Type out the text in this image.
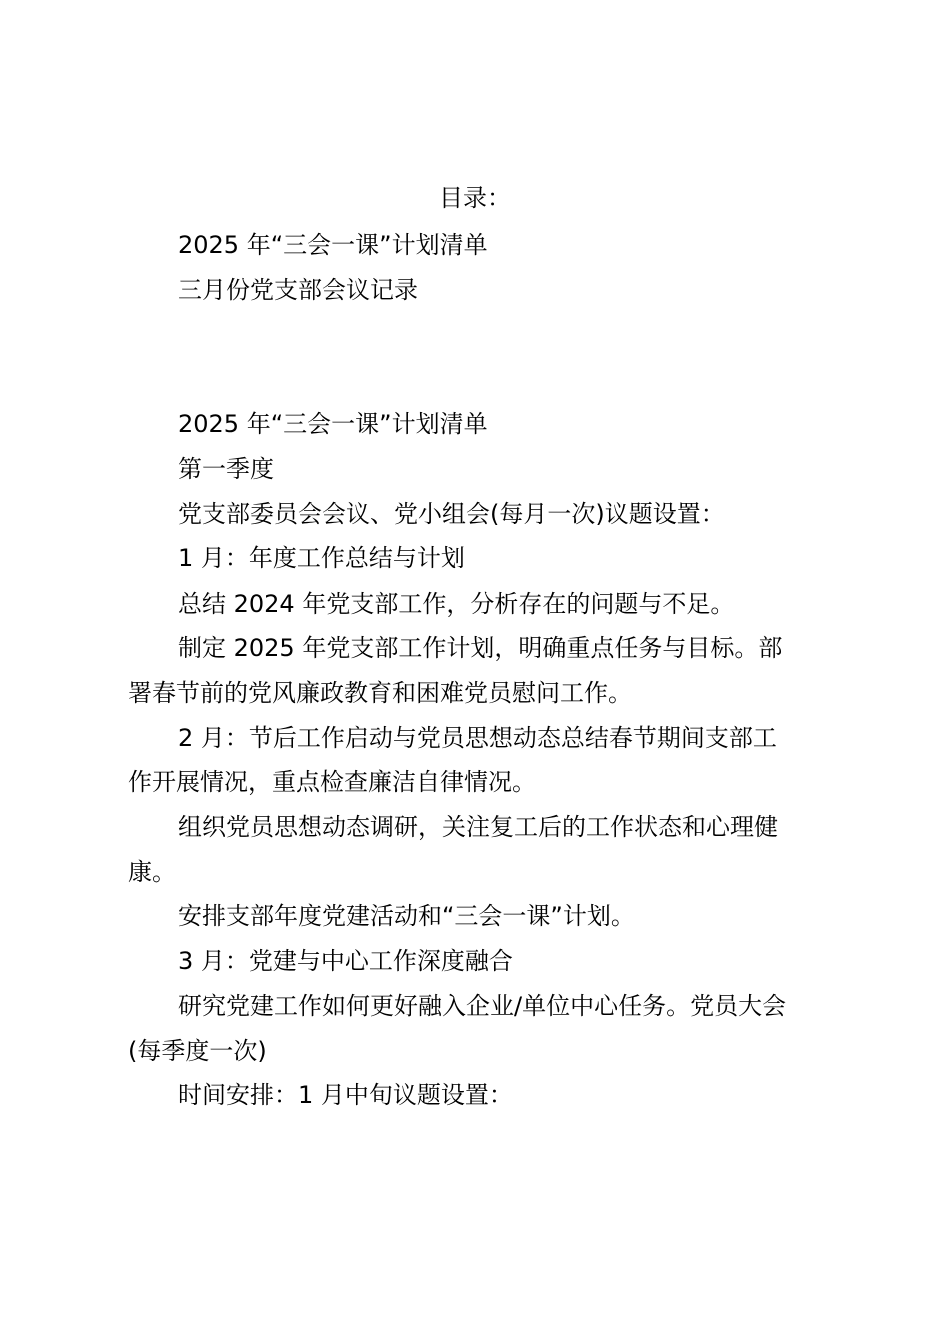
目录：
2025 年“三会一课”计划清单
三月份党支部会议记录
2025 年“三会一课”计划清单
第一季度
党支部委员会会议、党小组会(每月一次)议题设置：
1 月：年度工作总结与计划
总结 2024 年党支部工作，分析存在的问题与不足。
制定 2025 年党支部工作计划，明确重点任务与目标。部
署春节前的党风廉政教育和困难党员慰问工作。
2 月：节后工作启动与党员思想动态总结春节期间支部工
作开展情况，重点检查廉洁自律情况。
组织党员思想动态调研，关注复工后的工作状态和心理健
康。
安排支部年度党建活动和“三会一课”计划。
3 月：党建与中心工作深度融合
研究党建工作如何更好融入企业/单位中心任务。党员大会
(每季度一次)
时间安排：1 月中旬议题设置：
